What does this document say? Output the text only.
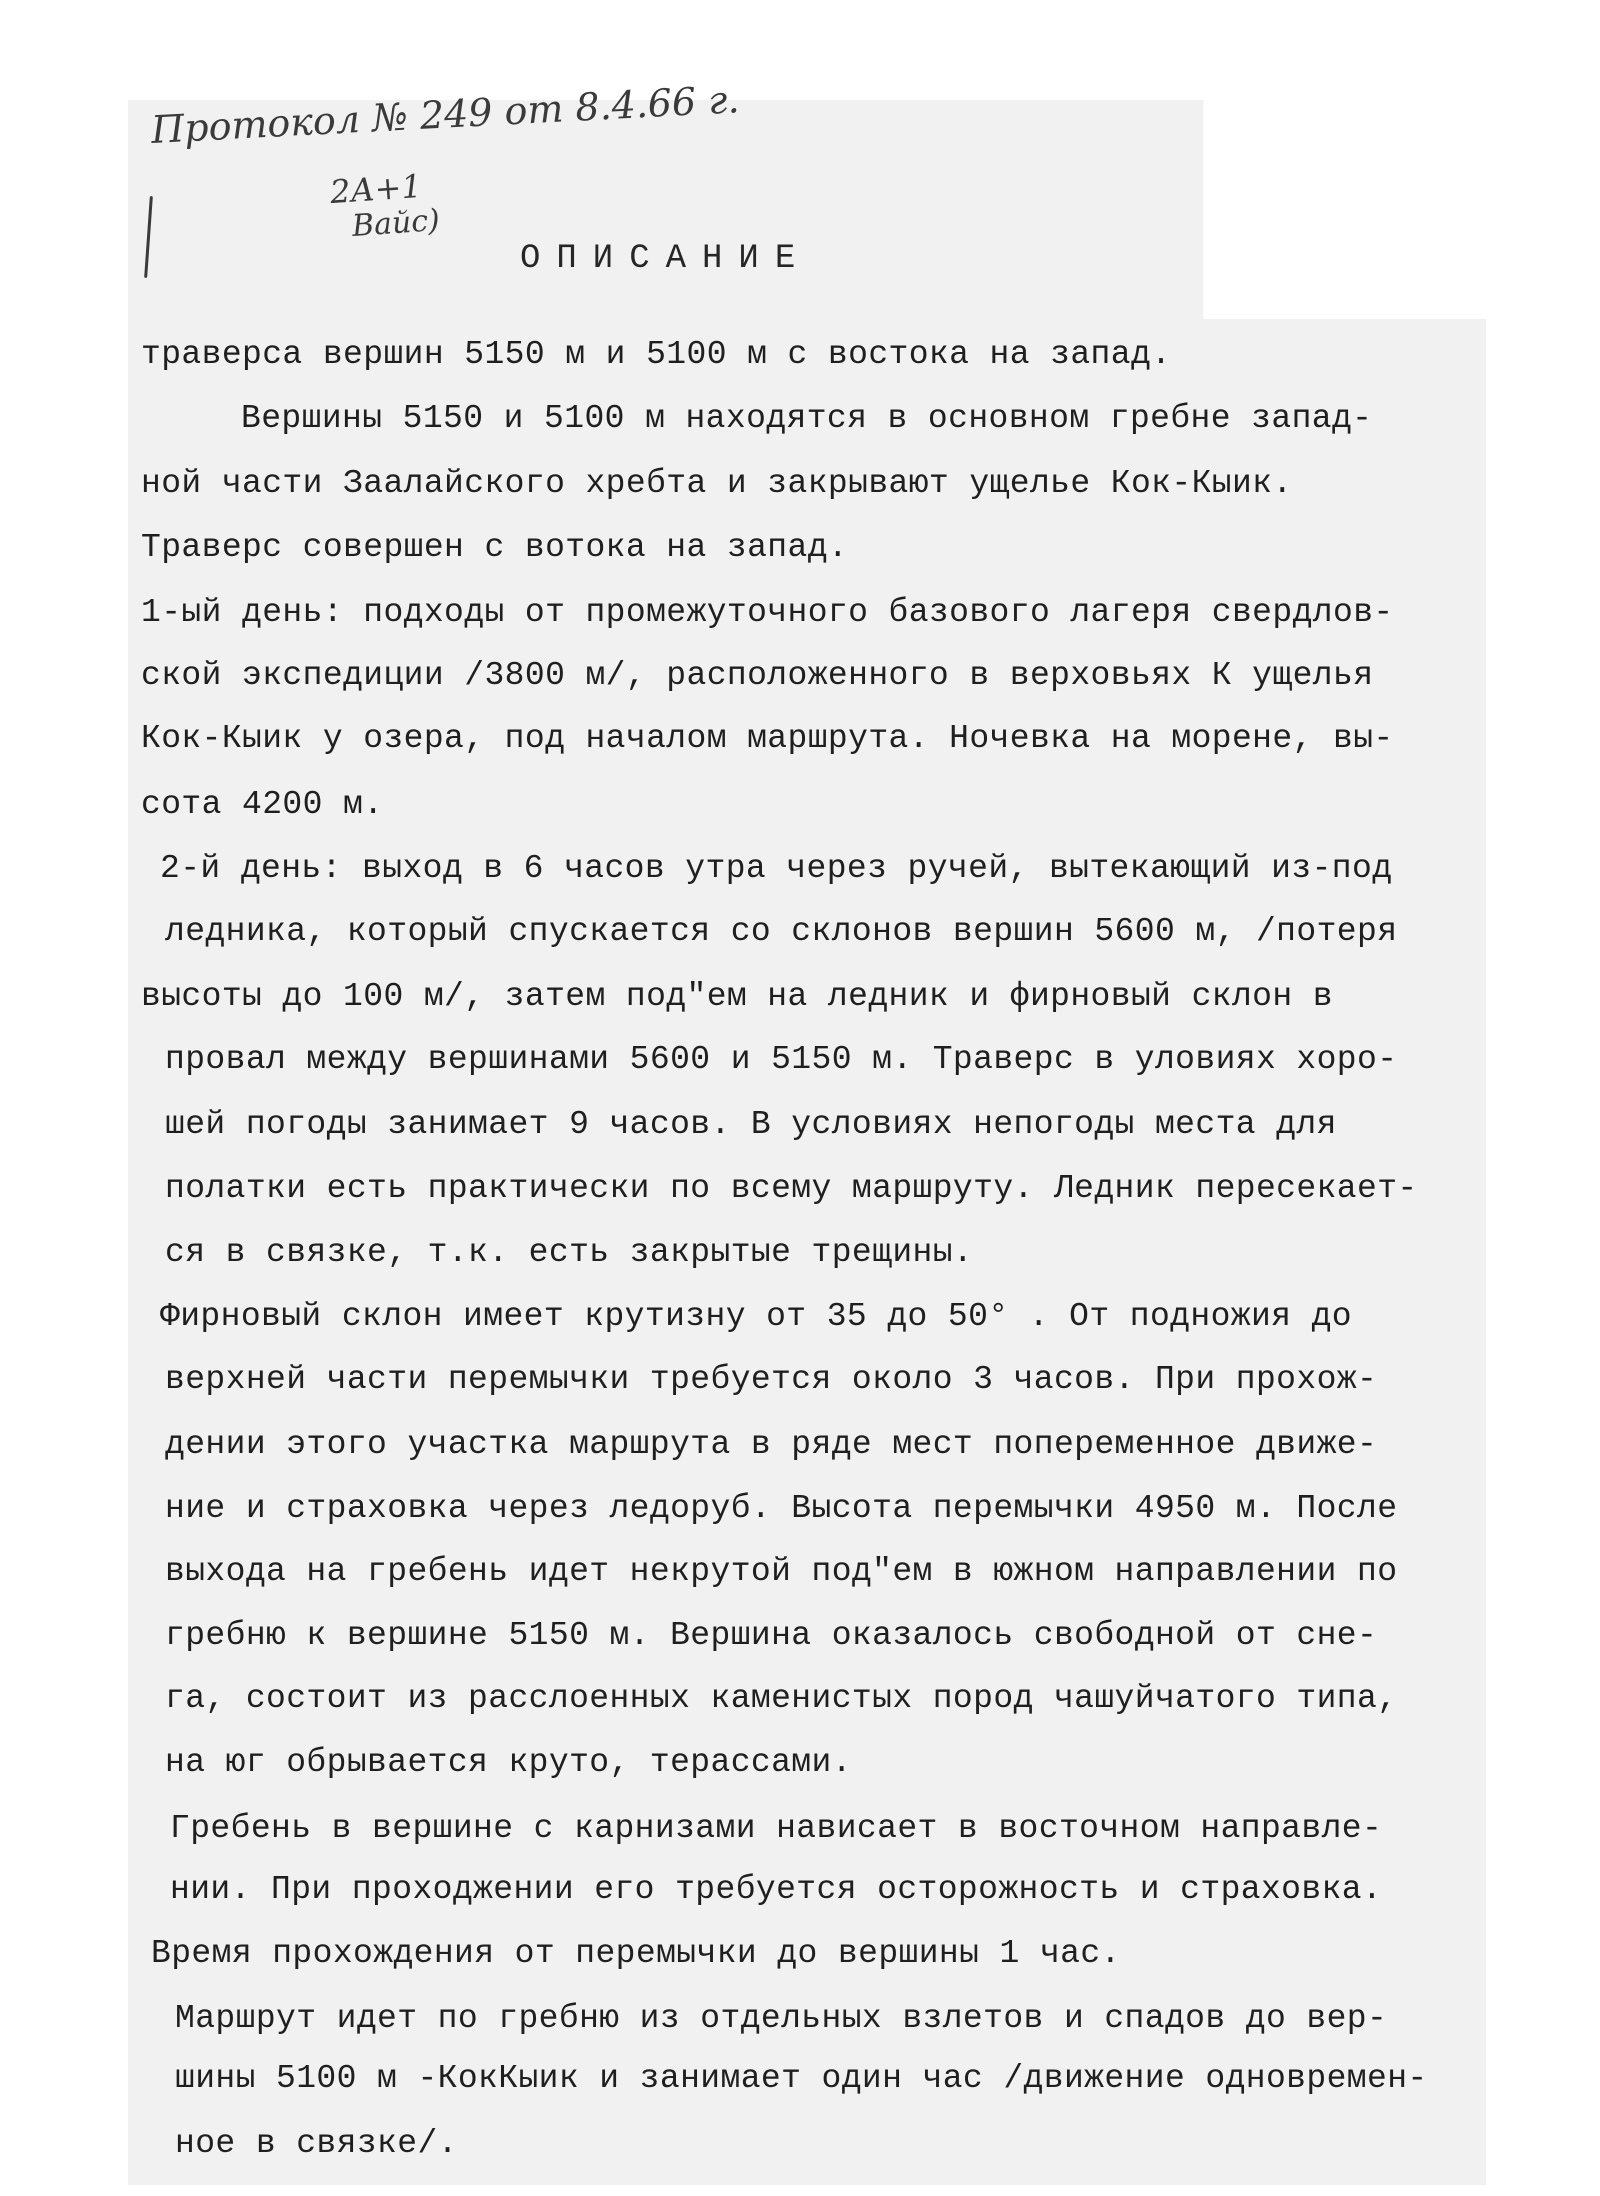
Протокол № 249 от 8.4.66 г.
2А+1
Вайс)
ОПИСАНИЕ
траверса вершин 5150 м и 5100 м с востока на запад.
Вершины 5150 и 5100 м находятся в основном гребне запад-
ной части Заалайского хребта и закрывают ущелье Кок-Кыик.
Траверс совершен с вотока на запад.
1-ый день: подходы от промежуточного базового лагеря свердлов-
ской экспедиции /3800 м/, расположенного в верховьях К ущелья
Кок-Кыик у озера, под началом маршрута. Ночевка на морене, вы-
сота 4200 м.
2-й день: выход в 6 часов утра через ручей, вытекающий из-под
ледника, который спускается со склонов вершин 5600 м, /потеря
высоты до 100 м/, затем под"ем на ледник и фирновый склон в
провал между вершинами 5600 и 5150 м. Траверс в уловиях хоро-
шей погоды занимает 9 часов. В условиях непогоды места для
полатки есть практически по всему маршруту. Ледник пересекает-
ся в связке, т.к. есть закрытые трещины.
Фирновый склон имеет крутизну от 35 до 50° . От подножия до
верхней части перемычки требуется около 3 часов. При прохож-
дении этого участка маршрута в ряде мест попеременное движе-
ние и страховка через ледоруб. Высота перемычки 4950 м. После
выхода на гребень идет некрутой под"ем в южном направлении по
гребню к вершине 5150 м. Вершина оказалось свободной от сне-
га, состоит из расслоенных каменистых пород чашуйчатого типа,
на юг обрывается круто, терассами.
Гребень в вершине с карнизами нависает в восточном направле-
нии. При проходжении его требуется осторожность и страховка.
Время прохождения от перемычки до вершины 1 час.
Маршрут идет по гребню из отдельных взлетов и спадов до вер-
шины 5100 м -КокКыик и занимает один час /движение одновремен-
ное в связке/.
